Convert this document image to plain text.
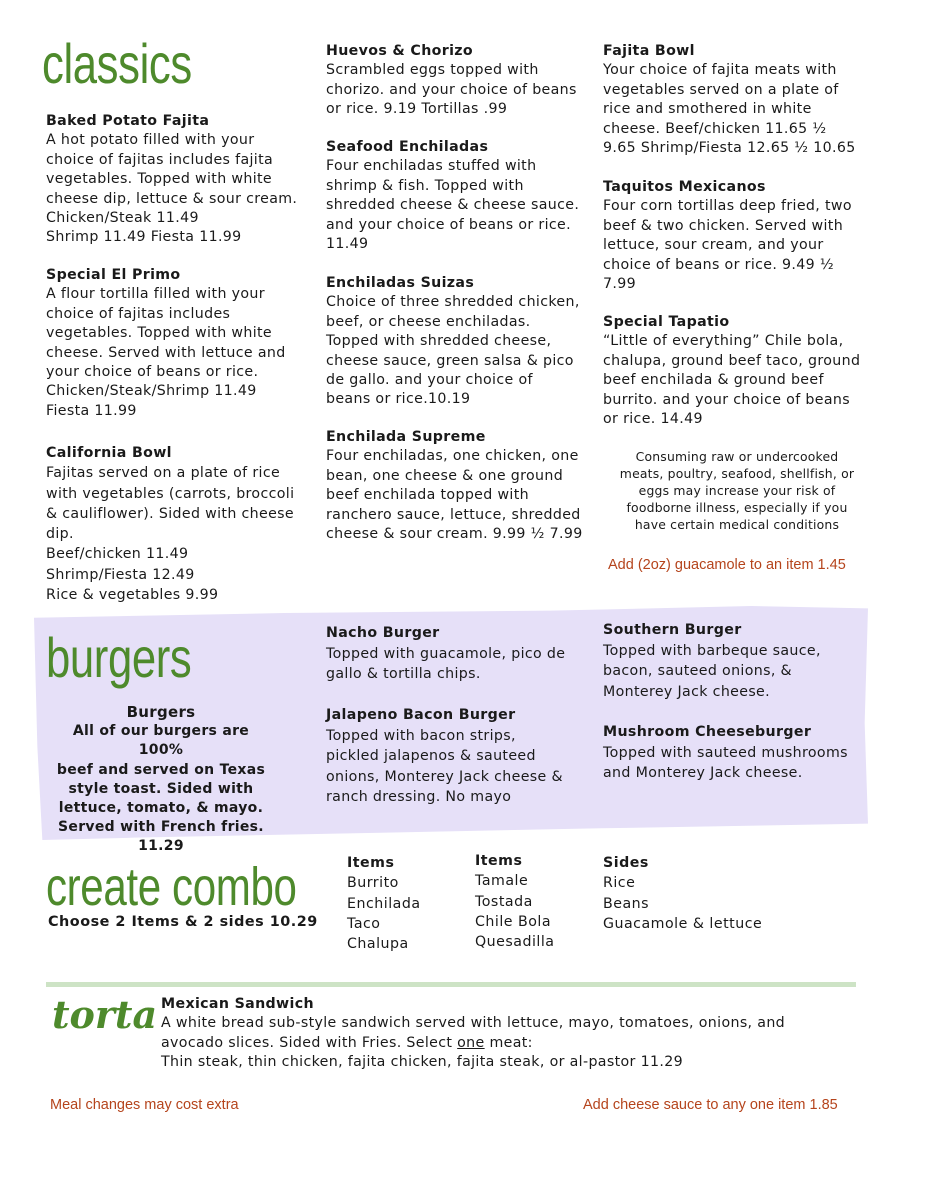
classics
Baked Potato Fajita
A hot potato filled with your
choice of fajitas includes fajita
vegetables. Topped with white
cheese dip, lettuce & sour cream.
Chicken/Steak 11.49
Shrimp 11.49 Fiesta 11.99
Special El Primo
A flour tortilla filled with your
choice of fajitas includes
vegetables. Topped with white
cheese. Served with lettuce and
your choice of beans or rice.
Chicken/Steak/Shrimp 11.49
Fiesta 11.99
California Bowl
Fajitas served on a plate of rice
with vegetables (carrots, broccoli
& cauliflower). Sided with cheese
dip.
Beef/chicken 11.49
Shrimp/Fiesta 12.49
Rice & vegetables 9.99
Huevos & Chorizo
Scrambled eggs topped with
chorizo. and your choice of beans
or rice. 9.19 Tortillas .99
Seafood Enchiladas
Four enchiladas stuffed with
shrimp & fish. Topped with
shredded cheese & cheese sauce.
and your choice of beans or rice.
11.49
Enchiladas Suizas
Choice of three shredded chicken,
beef, or cheese enchiladas.
Topped with shredded cheese,
cheese sauce, green salsa & pico
de gallo. and your choice of
beans or rice.10.19
Enchilada Supreme
Four enchiladas, one chicken, one
bean, one cheese & one ground
beef enchilada topped with
ranchero sauce, lettuce, shredded
cheese & sour cream. 9.99 ½ 7.99
Fajita Bowl
Your choice of fajita meats with
vegetables served on a plate of
rice and smothered in white
cheese. Beef/chicken 11.65 ½
9.65 Shrimp/Fiesta 12.65 ½ 10.65
Taquitos Mexicanos
Four corn tortillas deep fried, two
beef & two chicken. Served with
lettuce, sour cream, and your
choice of beans or rice. 9.49 ½
7.99
Special Tapatio
“Little of everything” Chile bola,
chalupa, ground beef taco, ground
beef enchilada & ground beef
burrito. and your choice of beans
or rice. 14.49
Consuming raw or undercooked
meats, poultry, seafood, shellfish, or
eggs may increase your risk of
foodborne illness, especially if you
have certain medical conditions
Add (2oz) guacamole to an item 1.45
burgers
Burgers
All of our burgers are 100%
beef and served on Texas
style toast. Sided with
lettuce, tomato, & mayo.
Served with French fries.
11.29
Nacho Burger
Topped with guacamole, pico de
gallo & tortilla chips.
Jalapeno Bacon Burger
Topped with bacon strips,
pickled jalapenos & sauteed
onions, Monterey Jack cheese &
ranch dressing. No mayo
Southern Burger
Topped with barbeque sauce,
bacon, sauteed onions, &
Monterey Jack cheese.
Mushroom Cheeseburger
Topped with sauteed mushrooms
and Monterey Jack cheese.
create combo
Choose 2 Items & 2 sides 10.29
Items
Burrito
Enchilada
Taco
Chalupa
Items
Tamale
Tostada
Chile Bola
Quesadilla
Sides
Rice
Beans
Guacamole & lettuce
torta Mexican Sandwich
A white bread sub-style sandwich served with lettuce, mayo, tomatoes, onions, and
avocado slices. Sided with Fries. Select one meat:
Thin steak, thin chicken, fajita chicken, fajita steak, or al-pastor 11.29
Meal changes may cost extra	Add cheese sauce to any one item 1.85
